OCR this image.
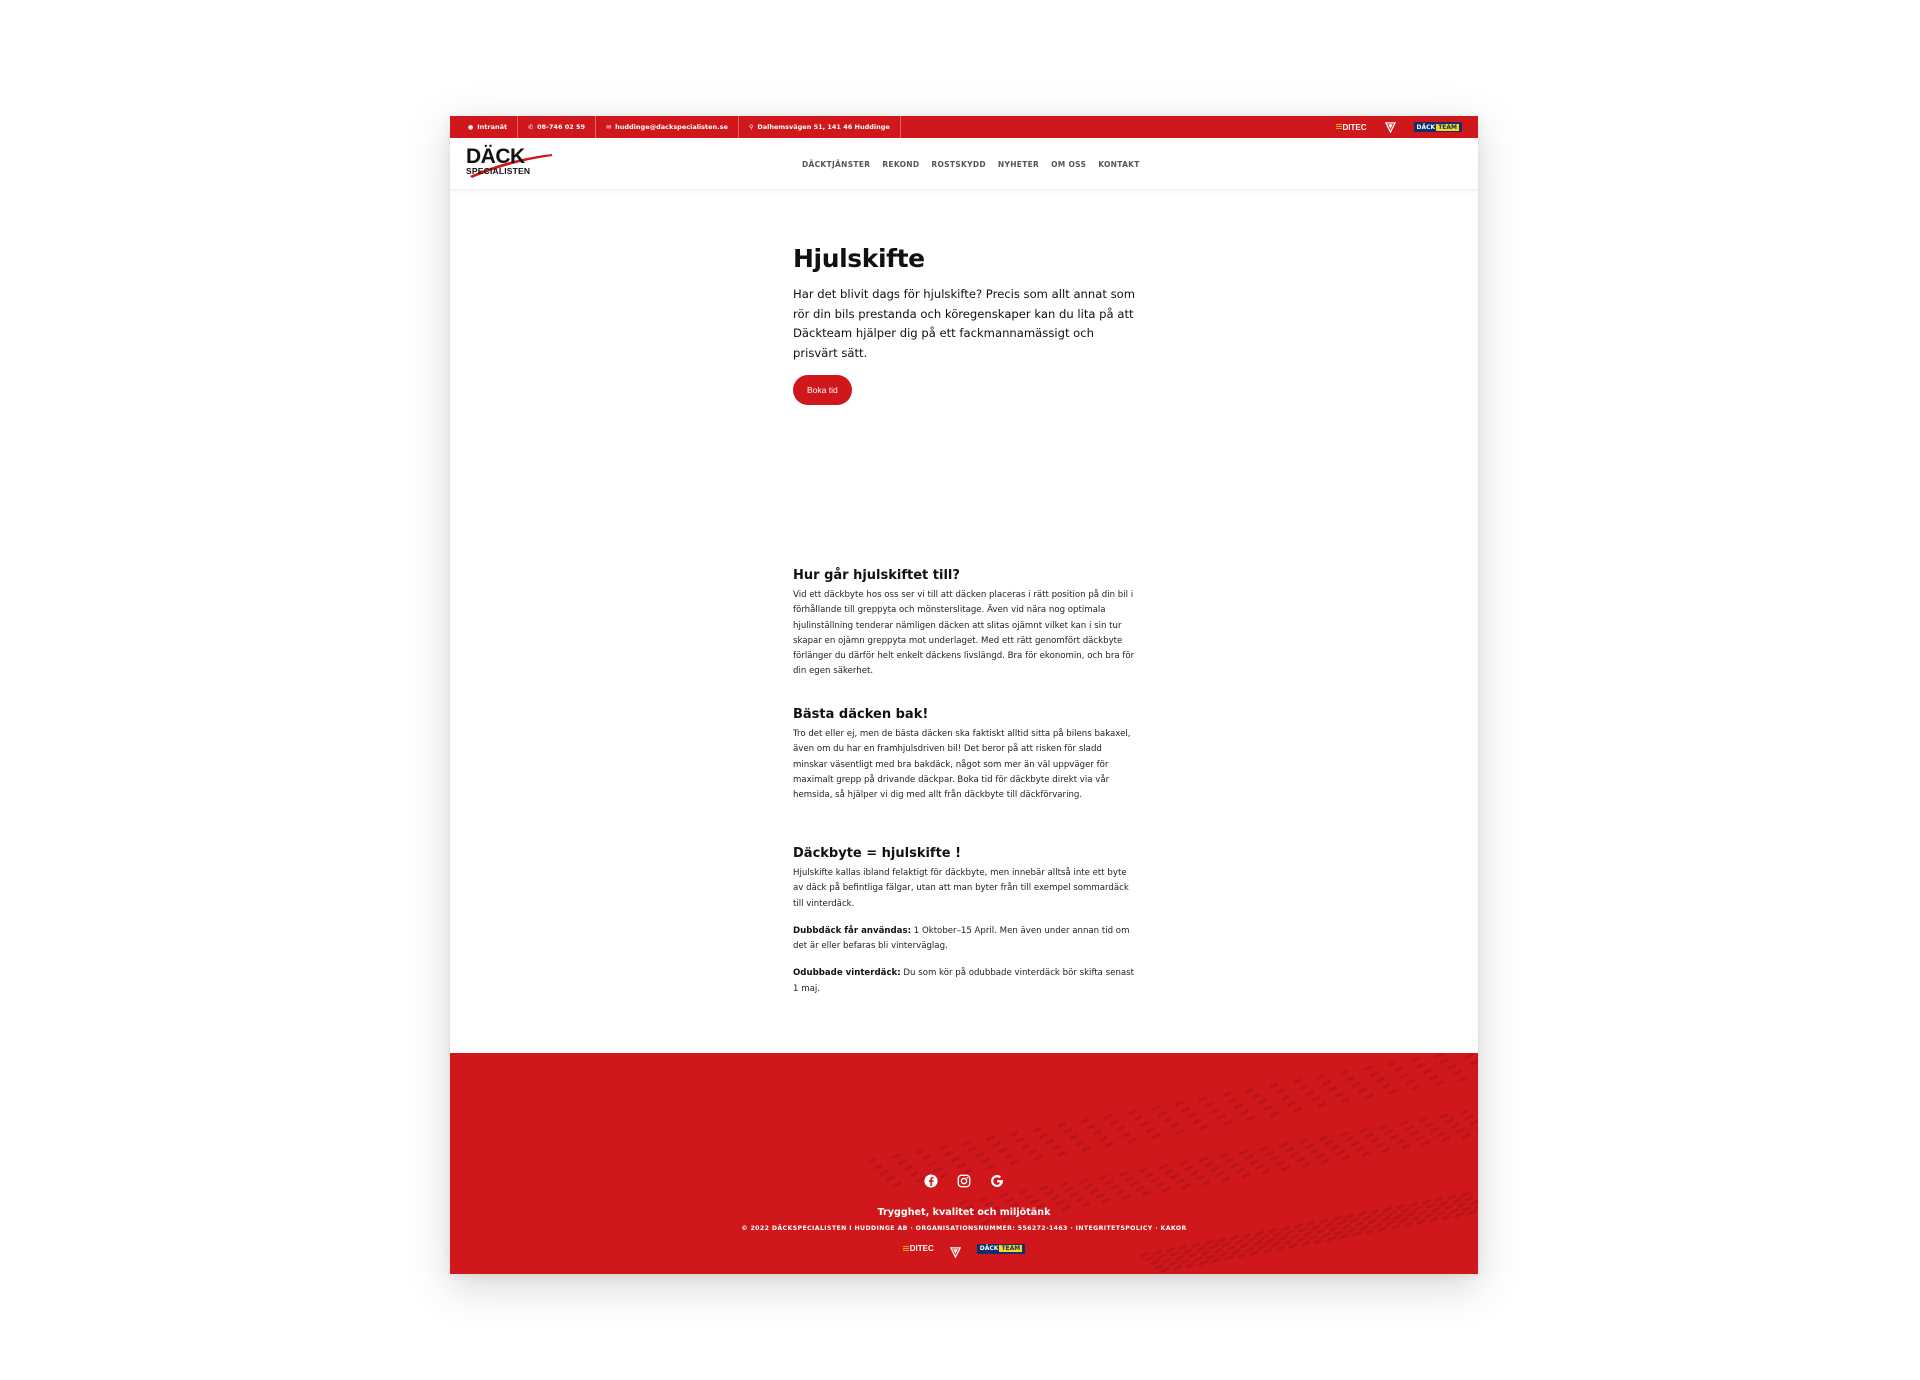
● Intranät	✆ 08-746 02 59	✉ huddinge@dackspecialisten.se	⚲ Dalhemsvägen 51, 141 46 Huddinge	DITEC	DÄCK TEAM
DÄCK
SPECIALISTEN
DÄCKTJÄNSTER REKOND ROSTSKYDD NYHETER OM OSS KONTAKT
Hjulskifte

Har det blivit dags för hjulskifte? Precis som allt annat som rör din bils prestanda och köregenskaper kan du lita på att Däckteam hjälper dig på ett fackmannamässigt och prisvärt sätt.

Boka tid
Hur går hjulskiftet till?

Vid ett däckbyte hos oss ser vi till att däcken placeras i rätt position på din bil i förhållande till greppyta och mönsterslitage. Även vid nära nog optimala hjulinställning tenderar nämligen däcken att slitas ojämnt vilket kan i sin tur skapar en ojämn greppyta mot underlaget. Med ett rätt genomfört däckbyte förlänger du därför helt enkelt däckens livslängd. Bra för ekonomin, och bra för din egen säkerhet.

Bästa däcken bak!

Tro det eller ej, men de bästa däcken ska faktiskt alltid sitta på bilens bakaxel, även om du har en framhjulsdriven bil! Det beror på att risken för sladd minskar väsentligt med bra bakdäck, något som mer än väl uppväger för maximalt grepp på drivande däckpar. Boka tid för däckbyte direkt via vår hemsida, så hjälper vi dig med allt från däckbyte till däckförvaring.

Däckbyte = hjulskifte !

Hjulskifte kallas ibland felaktigt för däckbyte, men innebär alltså inte ett byte av däck på befintliga fälgar, utan att man byter från till exempel sommardäck till vinterdäck.

Dubbdäck får användas: 1 Oktober–15 April. Men även under annan tid om det är eller befaras bli vinterväglag.

Odubbade vinterdäck: Du som kör på odubbade vinterdäck bör skifta senast 1 maj.

Trygghet, kvalitet och miljötänk

© 2022 DÄCKSPECIALISTEN I HUDDINGE AB · ORGANISATIONSNUMMER: 556272-1463 · INTEGRITETSPOLICY · KAKOR

DITEC	DÄCK TEAM
